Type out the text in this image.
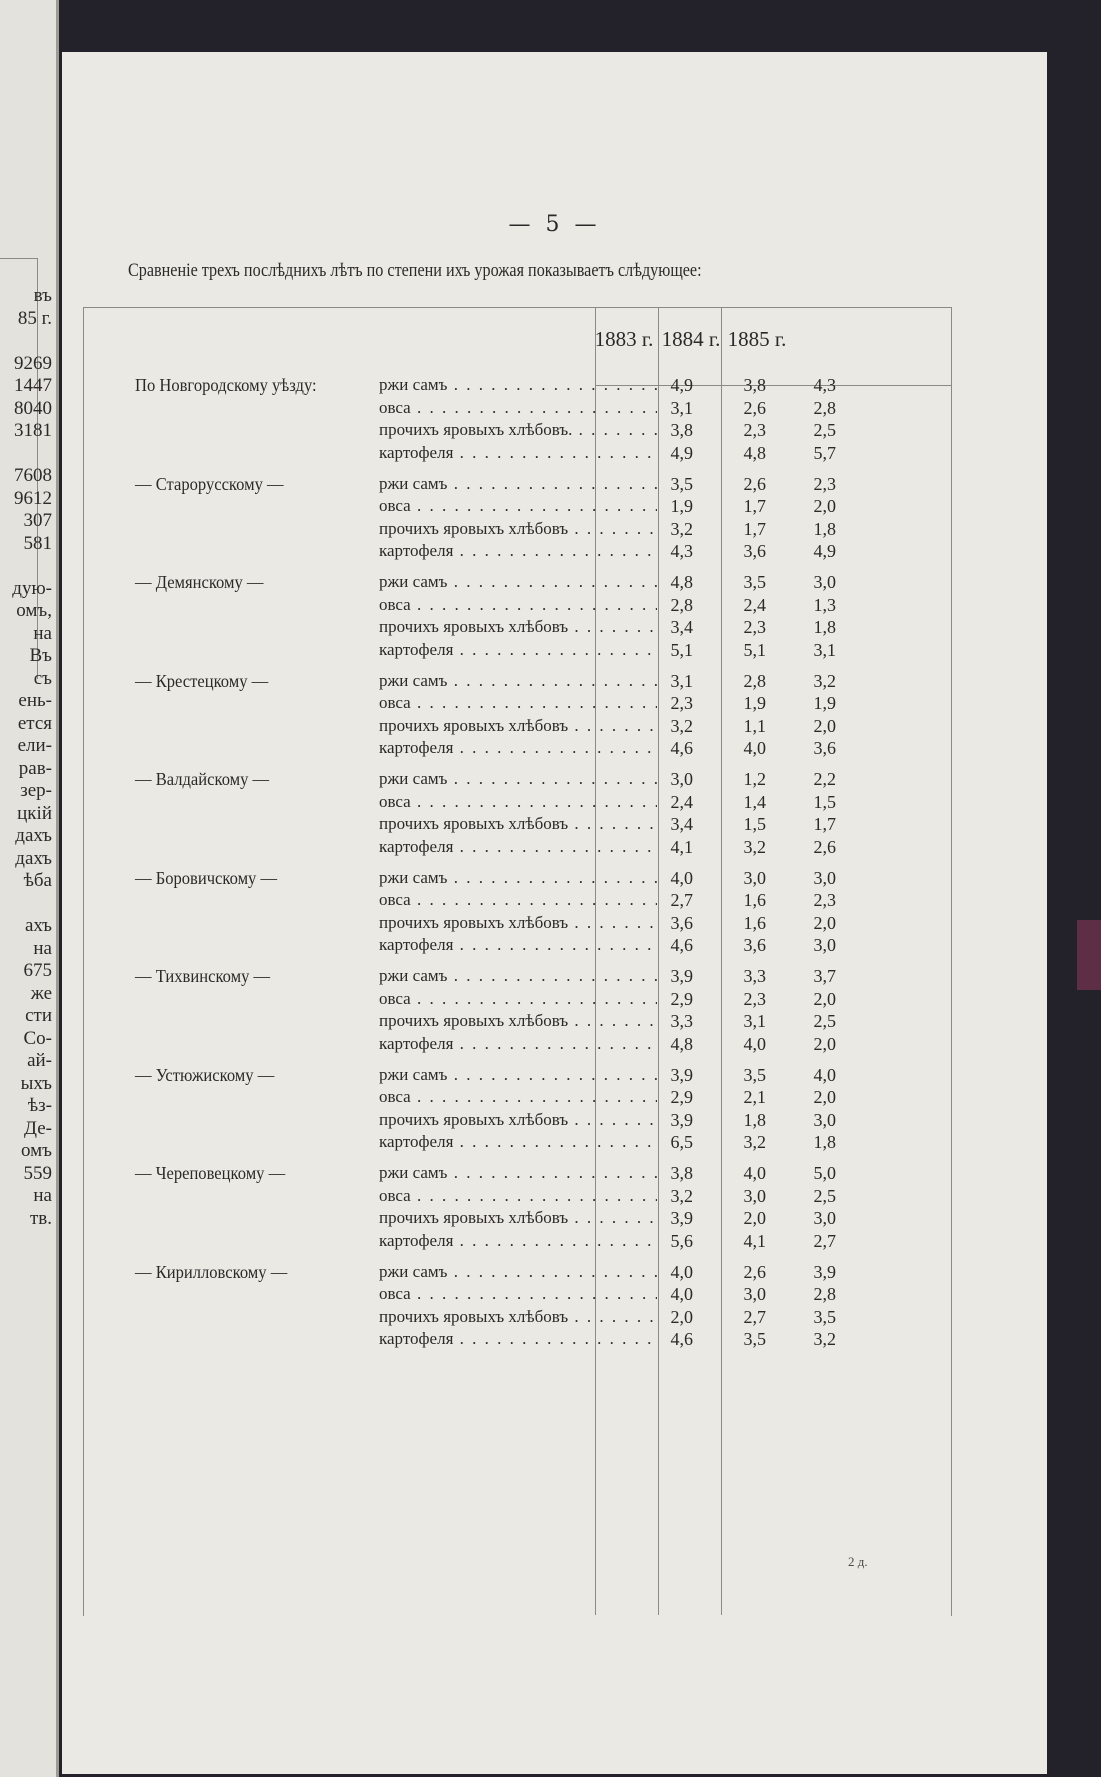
въ
85 г.
9269
1447
8040
3181
7608
9612
307
581
дую-
омъ,
на
Въ
съ
ень-
ется
ели-
рав-
зер-
цкій
дахъ
дахъ
ѣба
ахъ
на
675
же
сти
Со-
ай-
ыхъ
ѣз-
Де-
омъ
559
на
тв.
— 5 —
Сравненіе трехъ послѣднихъ лѣтъ по степени ихъ урожая показываетъ слѣдующее:
1883 г. 1884 г. 1885 г.
По Новгородскому уѣзду:	ржи самъ . . .	4,9	3,8	4,3
овса . . .	3,1	2,6	2,8
прочихъ яровыхъ хлѣбовъ. . . .	3,8	2,3	2,5
картофеля . . .	4,9	4,8	5,7
— Старорусскому —	ржи самъ . . .	3,5	2,6	2,3
овса . . .	1,9	1,7	2,0
прочихъ яровыхъ хлѣбовъ . . .	3,2	1,7	1,8
картофеля . . .	4,3	3,6	4,9
— Демянскому —	ржи самъ . . .	4,8	3,5	3,0
овса . . .	2,8	2,4	1,3
прочихъ яровыхъ хлѣбовъ . . .	3,4	2,3	1,8
картофеля . . .	5,1	5,1	3,1
— Крестецкому —	ржи самъ . . .	3,1	2,8	3,2
овса . . .	2,3	1,9	1,9
прочихъ яровыхъ хлѣбовъ . . .	3,2	1,1	2,0
картофеля . . .	4,6	4,0	3,6
— Валдайскому —	ржи самъ . . .	3,0	1,2	2,2
овса . . .	2,4	1,4	1,5
прочихъ яровыхъ хлѣбовъ . . .	3,4	1,5	1,7
картофеля . . .	4,1	3,2	2,6
— Боровичскому —	ржи самъ . . .	4,0	3,0	3,0
овса . . .	2,7	1,6	2,3
прочихъ яровыхъ хлѣбовъ . . .	3,6	1,6	2,0
картофеля . . .	4,6	3,6	3,0
— Тихвинскому —	ржи самъ . . .	3,9	3,3	3,7
овса . . .	2,9	2,3	2,0
прочихъ яровыхъ хлѣбовъ . . .	3,3	3,1	2,5
картофеля . . .	4,8	4,0	2,0
— Устюжискому —	ржи самъ . . .	3,9	3,5	4,0
овса . . .	2,9	2,1	2,0
прочихъ яровыхъ хлѣбовъ . . .	3,9	1,8	3,0
картофеля . . .	6,5	3,2	1,8
— Череповецкому —	ржи самъ . . .	3,8	4,0	5,0
овса . . .	3,2	3,0	2,5
прочихъ яровыхъ хлѣбовъ . . .	3,9	2,0	3,0
картофеля . . .	5,6	4,1	2,7
— Кирилловскому —	ржи самъ . . .	4,0	2,6	3,9
овса . . .	4,0	3,0	2,8
прочихъ яровыхъ хлѣбовъ . . .	2,0	2,7	3,5
картофеля . . .	4,6	3,5	3,2
2 д.
